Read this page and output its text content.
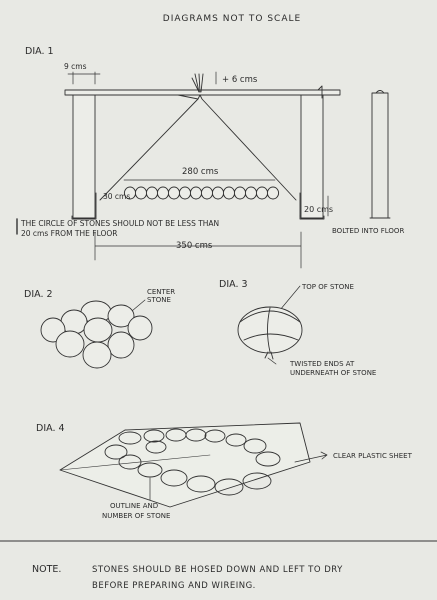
DIAGRAMS NOT TO SCALE
DIA. 1
9 cms
+ 6 cms
280 cms
30 cms
20 cms
THE CIRCLE OF STONES SHOULD NOT BE LESS THAN
20 cms FROM THE FLOOR	BOLTED INTO FLOOR
350 cms
DIA. 2	CENTER
STONE
DIA. 3	TOP OF STONE
TWISTED ENDS AT
UNDERNEATH OF STONE
DIA. 4
CLEAR PLASTIC SHEET
OUTLINE AND
NUMBER OF STONE
NOTE.	STONES SHOULD BE HOSED DOWN AND LEFT TO DRY
BEFORE PREPARING AND WIREING.
